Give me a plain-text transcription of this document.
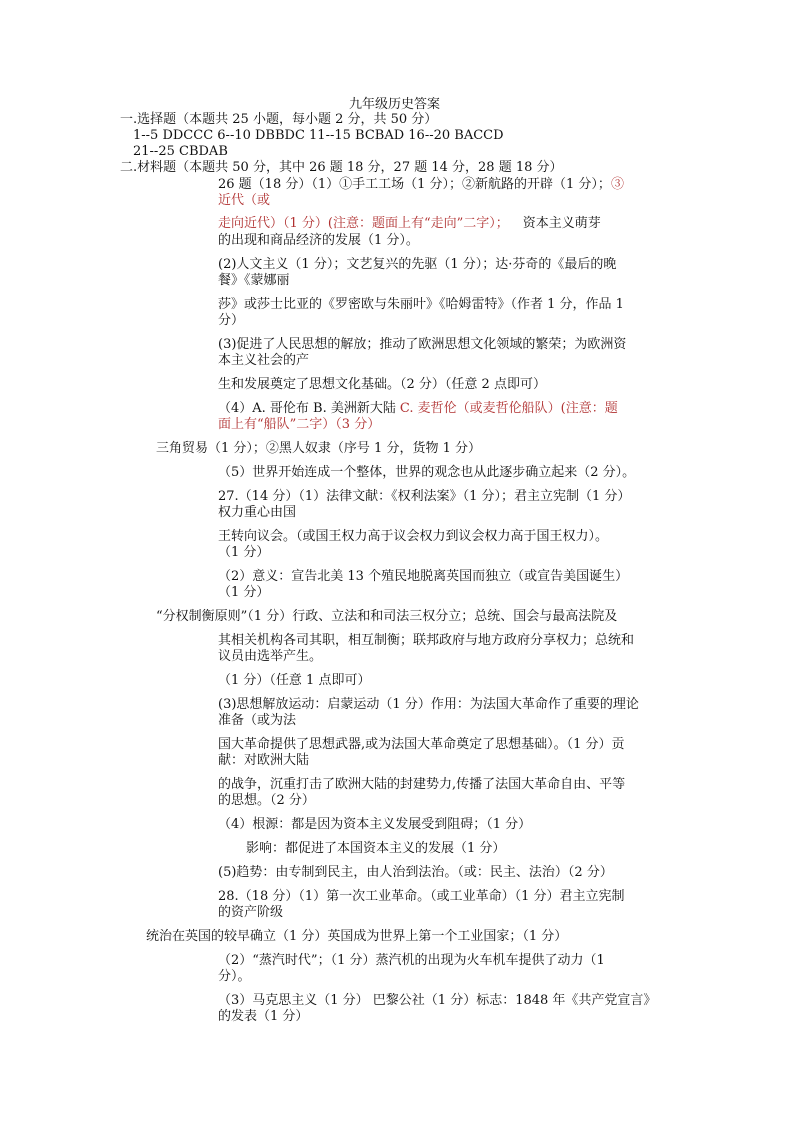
九年级历史答案

一.选择题（本题共 25 小题，每小题 2 分，共 50 分）

1--5 DDCCC 6--10 DBBDC 11--15 BCBAD 16--20 BACCD

21--25 CBDAB

二.材料题（本题共 50 分，其中 26 题 18 分，27 题 14 分，28 题 18 分）

26 题（18 分）（1）①手工工场（1 分）；②新航路的开辟（1 分）；③

近代（或

走向近代）（1 分）(注意：题面上有“走向”二字）； 资本主义萌芽

的出现和商品经济的发展（1 分）。

(2)人文主义（1 分）；文艺复兴的先驱（1 分）；达·芬奇的《最后的晚

餐》《蒙娜丽

莎》或莎士比亚的《罗密欧与朱丽叶》《哈姆雷特》（作者 1 分，作品 1

分）

(3)促进了人民思想的解放；推动了欧洲思想文化领域的繁荣；为欧洲资

本主义社会的产

生和发展奠定了思想文化基础。（2 分）（任意 2 点即可）

（4）A. 哥伦布 B. 美洲新大陆 C. 麦哲伦（或麦哲伦船队）(注意：题

面上有“船队”二字）（3 分）

三角贸易（1 分）；②黑人奴隶（序号 1 分，货物 1 分）

（5）世界开始连成一个整体，世界的观念也从此逐步确立起来（2 分）。

27.（14 分）（1）法律文献：《权利法案》（1 分）；君主立宪制（1 分）

权力重心由国

王转向议会。（或国王权力高于议会权力到议会权力高于国王权力）。

（1 分）

（2）意义：宣告北美 13 个殖民地脱离英国而独立（或宣告美国诞生）

（1 分）

“分权制衡原则”（1 分）行政、立法和和司法三权分立；总统、国会与最高法院及

其相关机构各司其职，相互制衡；联邦政府与地方政府分享权力；总统和

议员由选举产生。

（1 分）（任意 1 点即可）

(3)思想解放运动：启蒙运动（1 分）作用：为法国大革命作了重要的理论

准备（或为法

国大革命提供了思想武器,或为法国大革命奠定了思想基础）。（1 分）贡

献：对欧洲大陆

的战争，沉重打击了欧洲大陆的封建势力,传播了法国大革命自由、平等

的思想。（2 分）

（4）根源：都是因为资本主义发展受到阻碍；（1 分）

影响：都促进了本国资本主义的发展（1 分）

(5)趋势：由专制到民主，由人治到法治。（或：民主、法治）（2 分）

28.（18 分）（1）第一次工业革命。（或工业革命）（1 分）君主立宪制

的资产阶级

统治在英国的较早确立（1 分）英国成为世界上第一个工业国家；（1 分）

（2）“蒸汽时代”；（1 分）蒸汽机的出现为火车机车提供了动力（1

分）。

（3）马克思主义（1 分） 巴黎公社（1 分）标志：1848 年《共产党宣言》

的发表（1 分）
